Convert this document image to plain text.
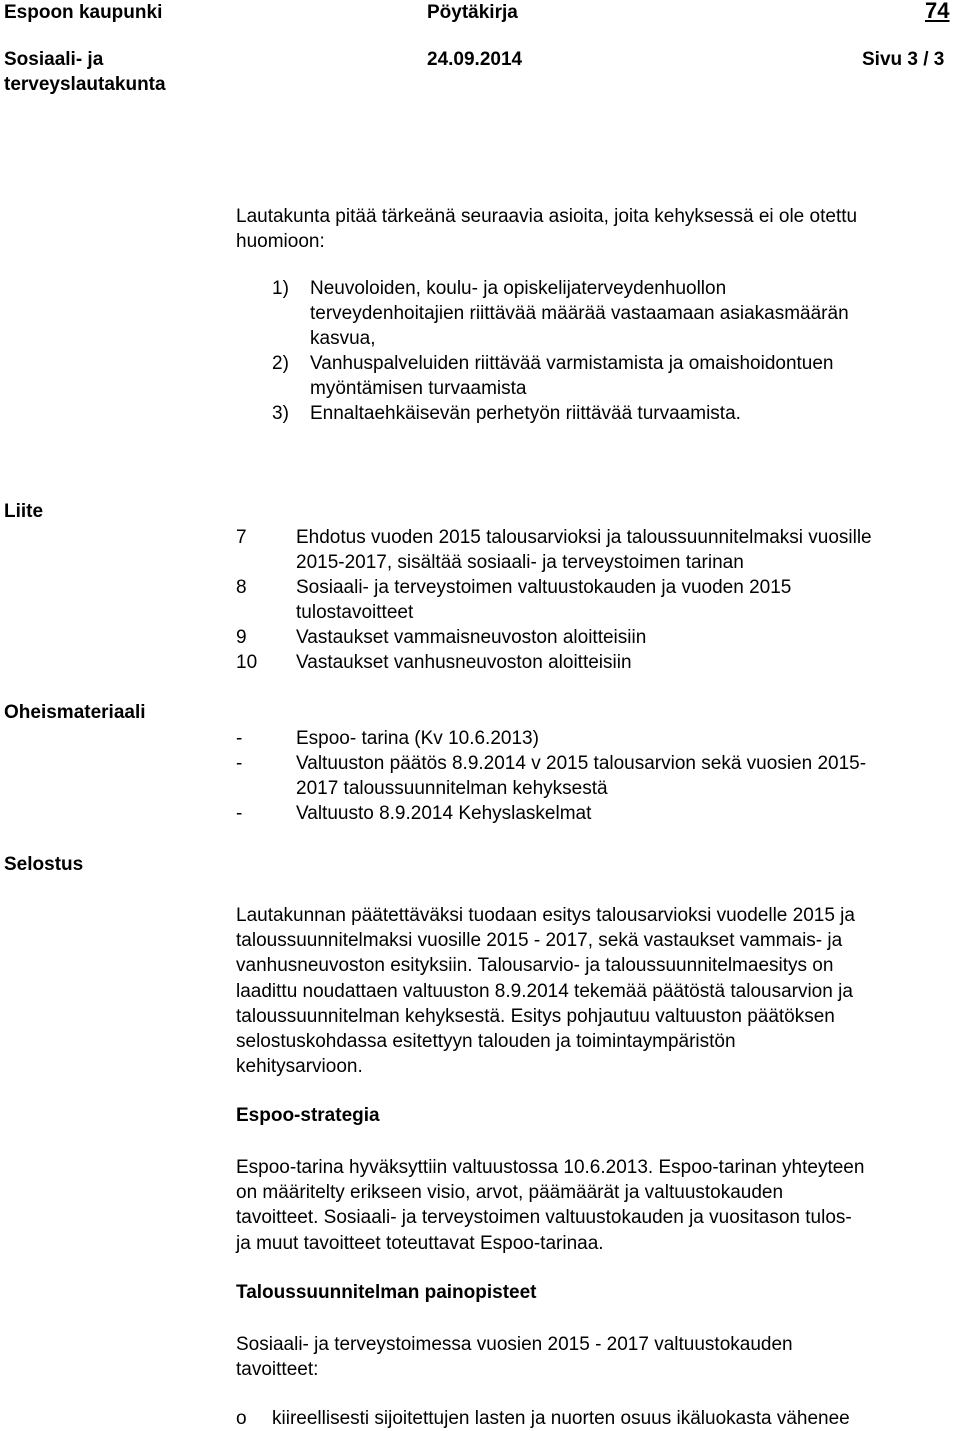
Espoon kaupunki	Pöytäkirja	74
Sosiaali- ja
terveyslautakunta
24.09.2014	Sivu 3 / 3
Lautakunta pitää tärkeänä seuraavia asioita, joita kehyksessä ei ole otettu
huomioon:
1)	Neuvoloiden, koulu- ja opiskelijaterveydenhuollon
terveydenhoitajien riittävää määrää vastaamaan asiakasmäärän
kasvua,
2)	Vanhuspalveluiden riittävää varmistamista ja omaishoidontuen
myöntämisen turvaamista
3)	Ennaltaehkäisevän perhetyön riittävää turvaamista.
Liite
Oheismateriaali
Selostus
7	Ehdotus vuoden 2015 talousarvioksi ja taloussuunnitelmaksi vuosille
2015-2017, sisältää sosiaali- ja terveystoimen tarinan
8	Sosiaali- ja terveystoimen valtuustokauden ja vuoden 2015
tulostavoitteet
9	Vastaukset vammaisneuvoston aloitteisiin
10	Vastaukset vanhusneuvoston aloitteisiin
-	Espoo- tarina (Kv 10.6.2013)
-	Valtuuston päätös 8.9.2014 v 2015 talousarvion sekä vuosien 2015-
2017 taloussuunnitelman kehyksestä
-	Valtuusto 8.9.2014 Kehyslaskelmat
Lautakunnan päätettäväksi tuodaan esitys talousarvioksi vuodelle 2015 ja
taloussuunnitelmaksi vuosille 2015 - 2017, sekä vastaukset vammais- ja
vanhusneuvoston esityksiin. Talousarvio- ja taloussuunnitelmaesitys on
laadittu noudattaen valtuuston 8.9.2014 tekemää päätöstä talousarvion ja
taloussuunnitelman kehyksestä. Esitys pohjautuu valtuuston päätöksen
selostuskohdassa esitettyyn talouden ja toimintaympäristön
kehitysarvioon.
Espoo-strategia
Espoo-tarina hyväksyttiin valtuustossa 10.6.2013. Espoo-tarinan yhteyteen
on määritelty erikseen visio, arvot, päämäärät ja valtuustokauden
tavoitteet. Sosiaali- ja terveystoimen valtuustokauden ja vuositason tulos-
ja muut tavoitteet toteuttavat Espoo-tarinaa.
Taloussuunnitelman painopisteet
Sosiaali- ja terveystoimessa vuosien 2015 - 2017 valtuustokauden
tavoitteet:
o kiireellisesti sijoitettujen lasten ja nuorten osuus ikäluokasta vähenee
